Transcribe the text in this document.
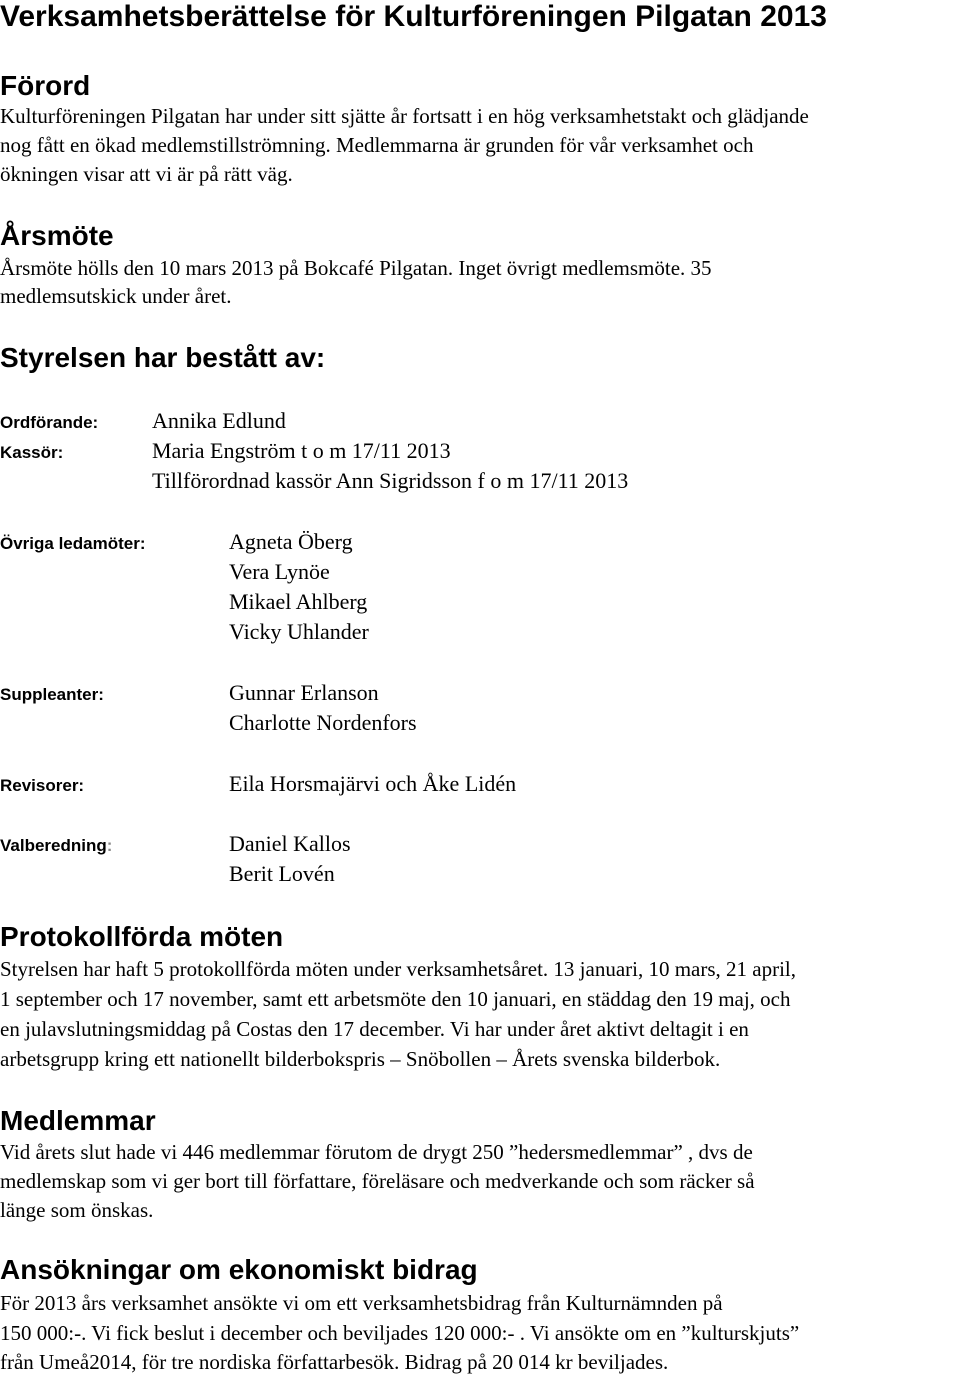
Verksamhetsberättelse för Kulturföreningen Pilgatan 2013
Förord
Kulturföreningen Pilgatan har under sitt sjätte år fortsatt i en hög verksamhetstakt och glädjande
nog fått en ökad medlemstillströmning. Medlemmarna är grunden för vår verksamhet och
ökningen visar att vi är på rätt väg.
Årsmöte
Årsmöte hölls den 10 mars 2013 på Bokcafé Pilgatan. Inget övrigt medlemsmöte. 35
medlemsutskick under året.
Styrelsen har bestått av:
Ordförande: Annika Edlund
Kassör:	Maria Engström t o m 17/11 2013
Tillförordnad kassör Ann Sigridsson f o m 17/11 2013
Övriga ledamöter:	Agneta Öberg
Vera Lynöe
Mikael Ahlberg
Vicky Uhlander
Suppleanter:	Gunnar Erlanson
Charlotte Nordenfors
Revisorer:	Eila Horsmajärvi och Åke Lidén
Valberedning:	Daniel Kallos
Berit Lovén
Protokollförda möten
Styrelsen har haft 5 protokollförda möten under verksamhetsåret. 13 januari, 10 mars, 21 april,
1 september och 17 november, samt ett arbetsmöte den 10 januari, en städdag den 19 maj, och
en julavslutningsmiddag på Costas den 17 december. Vi har under året aktivt deltagit i en
arbetsgrupp kring ett nationellt bilderbokspris – Snöbollen – Årets svenska bilderbok.
Medlemmar
Vid årets slut hade vi 446 medlemmar förutom de drygt 250 ”hedersmedlemmar” , dvs de
medlemskap som vi ger bort till författare, föreläsare och medverkande och som räcker så
länge som önskas.
Ansökningar om ekonomiskt bidrag
För 2013 års verksamhet ansökte vi om ett verksamhetsbidrag från Kulturnämnden på
150 000:-. Vi fick beslut i december och beviljades 120 000:- . Vi ansökte om en ”kulturskjuts”
från Umeå2014, för tre nordiska författarbesök. Bidrag på 20 014 kr beviljades.
